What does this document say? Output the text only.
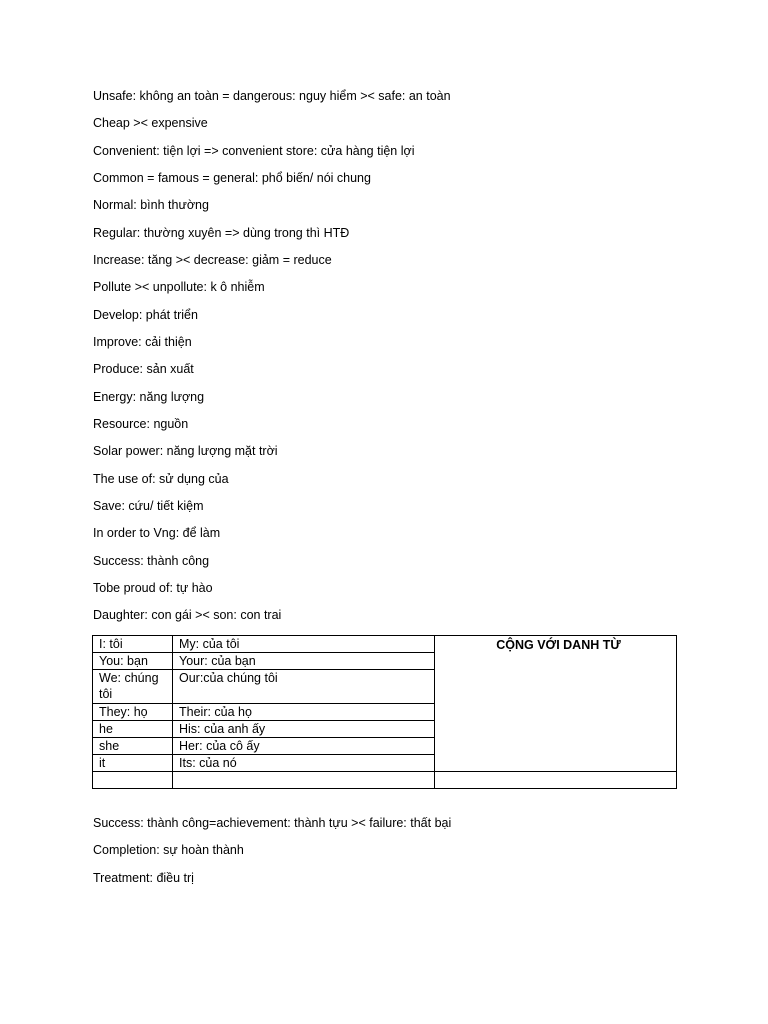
Unsafe: không an toàn = dangerous: nguy hiểm >< safe: an toàn
Cheap >< expensive
Convenient: tiện lợi => convenient store: cửa hàng tiện lợi
Common = famous = general: phổ biến/ nói chung
Normal: bình thường
Regular: thường xuyên => dùng trong thì HTĐ
Increase: tăng >< decrease: giảm = reduce
Pollute >< unpollute: k ô nhiễm
Develop: phát triển
Improve: cải thiện
Produce: sản xuất
Energy: năng lượng
Resource: nguồn
Solar power: năng lượng mặt trời
The use of: sử dụng của
Save: cứu/ tiết kiệm
In order to Vng: để làm
Success: thành công
Tobe proud of: tự hào
Daughter: con gái >< son: con trai
I: tôi	My: của tôi	CỘNG VỚI DANH TỪ
You: bạn	Your: của bạn	
We: chúng tôi	Our:của chúng tôi	
They: họ	Their: của họ	
he	His: của anh ấy	
she	Her: của cô ấy	
it	Its: của nó	

Success: thành công=achievement: thành tựu >< failure: thất bại
Completion: sự hoàn thành
Treatment: điều trị
